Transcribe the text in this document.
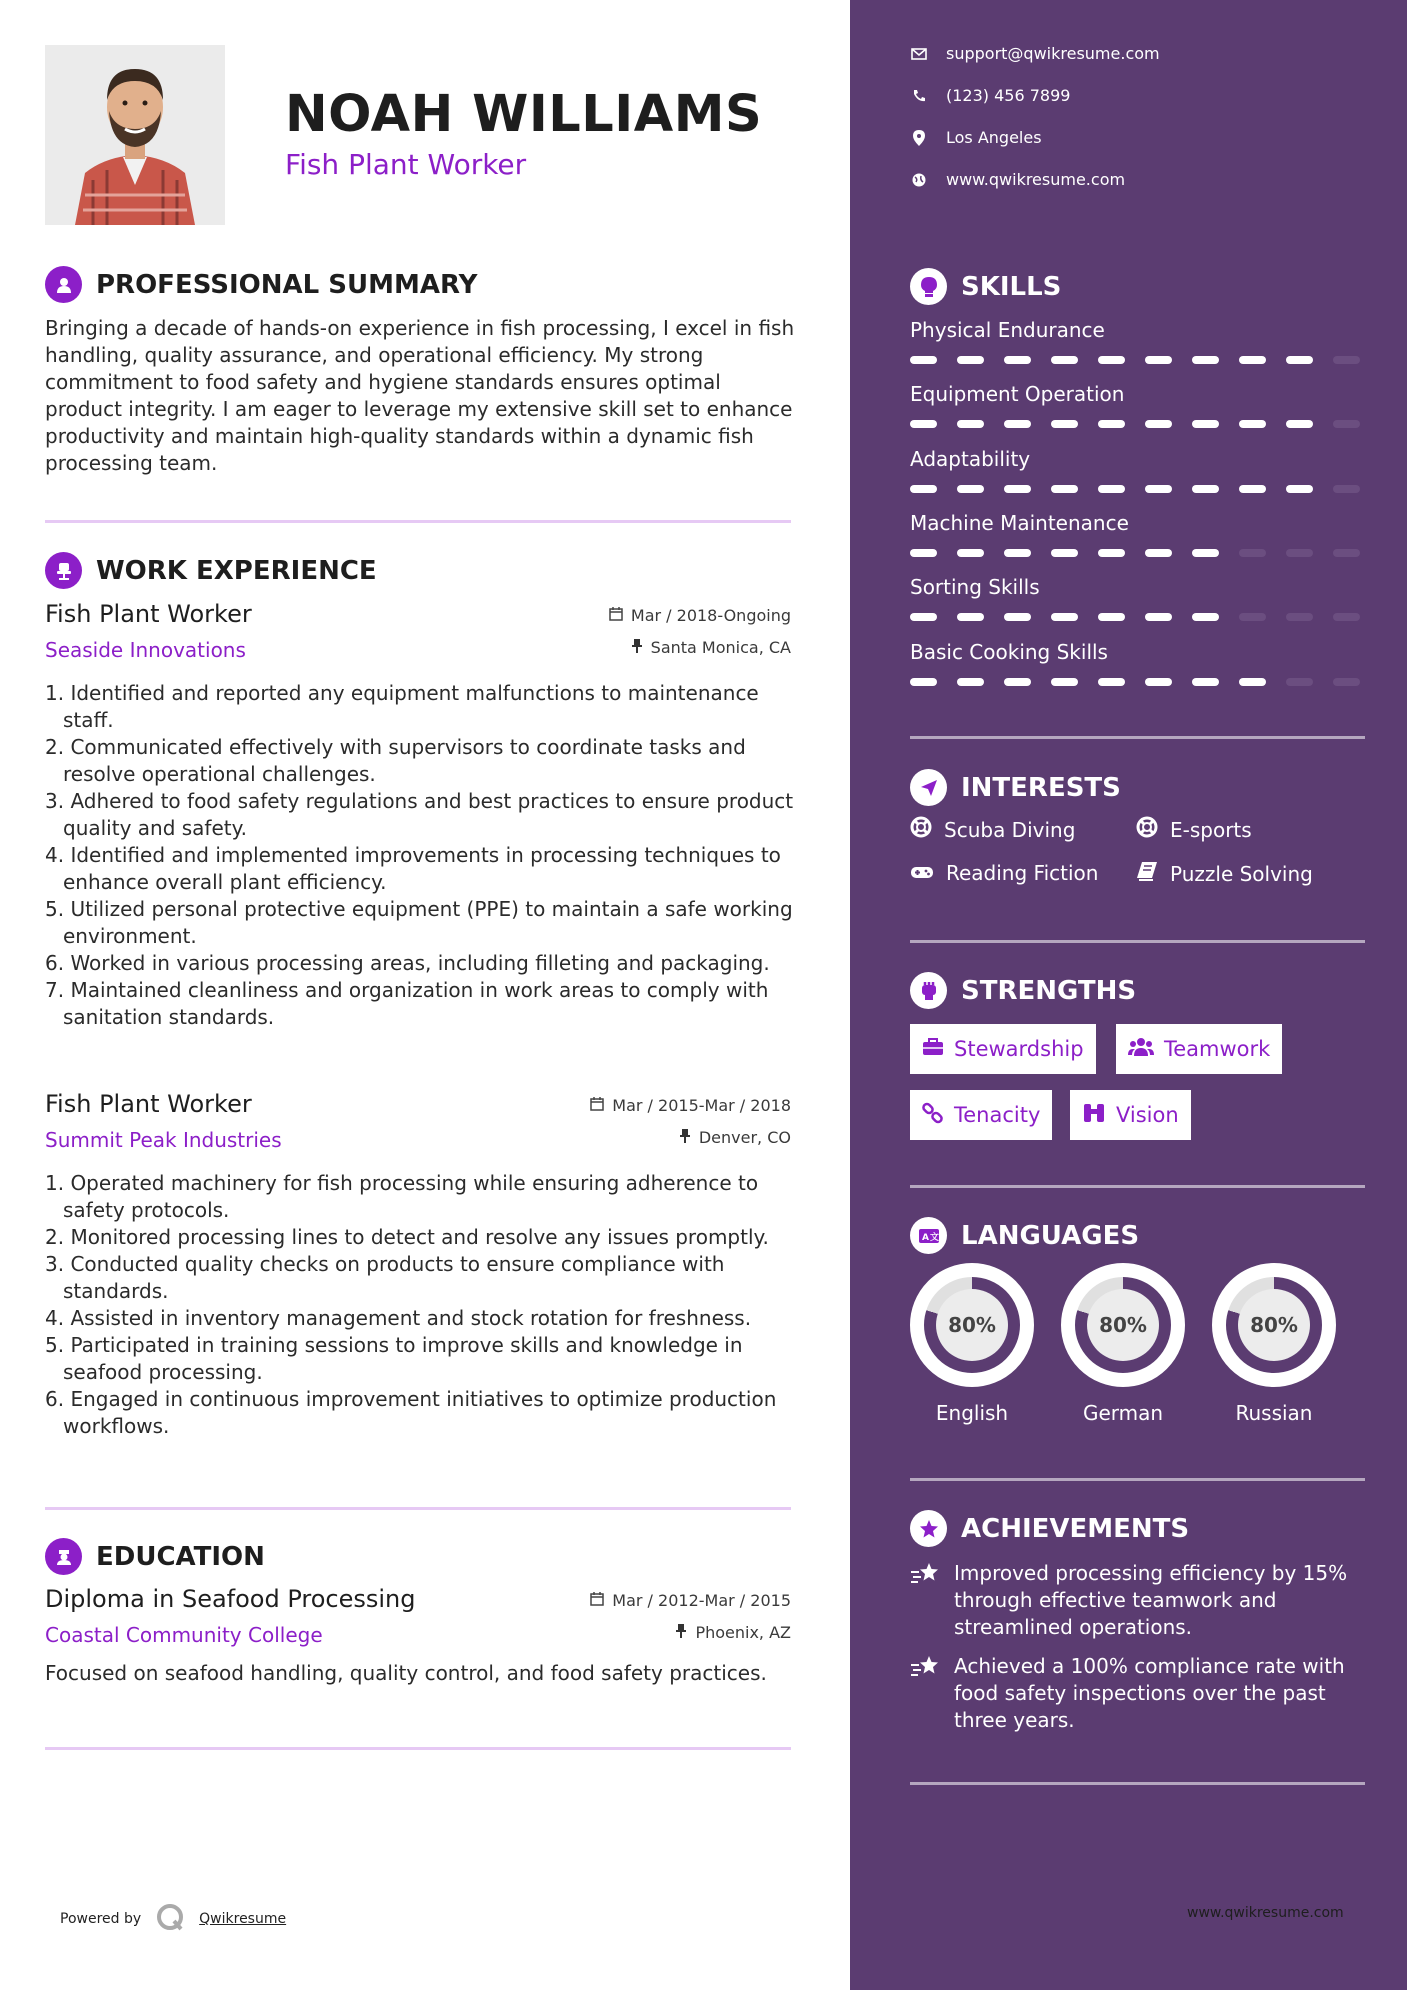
NOAH WILLIAMS
Fish Plant Worker
PROFESSIONAL SUMMARY
Bringing a decade of hands-on experience in fish processing, I excel in fish handling, quality assurance, and operational efficiency. My strong commitment to food safety and hygiene standards ensures optimal product integrity. I am eager to leverage my extensive skill set to enhance productivity and maintain high-quality standards within a dynamic fish processing team.
WORK EXPERIENCE
Fish Plant Worker
Seaside Innovations
Mar / 2018-Ongoing
Santa Monica, CA
1. Identified and reported any equipment malfunctions to maintenance staff.
2. Communicated effectively with supervisors to coordinate tasks and resolve operational challenges.
3. Adhered to food safety regulations and best practices to ensure product quality and safety.
4. Identified and implemented improvements in processing techniques to enhance overall plant efficiency.
5. Utilized personal protective equipment (PPE) to maintain a safe working environment.
6. Worked in various processing areas, including filleting and packaging.
7. Maintained cleanliness and organization in work areas to comply with sanitation standards.
Fish Plant Worker
Summit Peak Industries
Mar / 2015-Mar / 2018
Denver, CO
1. Operated machinery for fish processing while ensuring adherence to safety protocols.
2. Monitored processing lines to detect and resolve any issues promptly.
3. Conducted quality checks on products to ensure compliance with standards.
4. Assisted in inventory management and stock rotation for freshness.
5. Participated in training sessions to improve skills and knowledge in seafood processing.
6. Engaged in continuous improvement initiatives to optimize production workflows.
EDUCATION
Diploma in Seafood Processing
Coastal Community College
Mar / 2012-Mar / 2015
Phoenix, AZ
Focused on seafood handling, quality control, and food safety practices.
Powered by	Qwikresume
support@qwikresume.com
(123) 456 7899
Los Angeles
www.qwikresume.com
SKILLS
Physical Endurance
Equipment Operation
Adaptability
Machine Maintenance
Sorting Skills
Basic Cooking Skills
INTERESTS
Scuba Diving	E-sports
Reading Fiction	Puzzle Solving
STRENGTHS
Stewardship	Teamwork
Tenacity	Vision
A 文 LANGUAGES
80%
English
80%
German
80%
Russian
ACHIEVEMENTS
Improved processing efficiency by 15% through effective teamwork and streamlined operations.
Achieved a 100% compliance rate with food safety inspections over the past three years.
www.qwikresume.com
